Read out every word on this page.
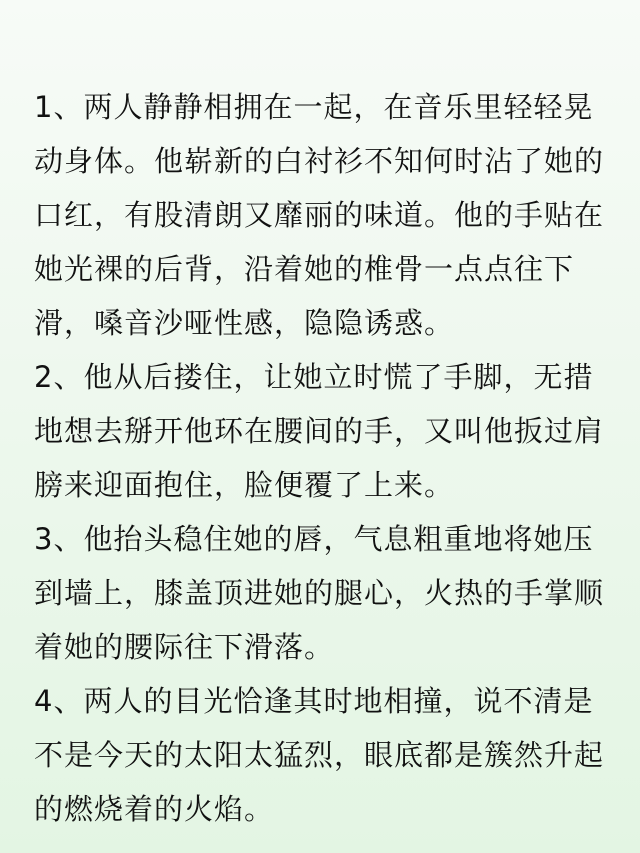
1、两人静静相拥在一起，在音乐里轻轻晃
动身体。他崭新的白衬衫不知何时沾了她的
口红，有股清朗又靡丽的味道。他的手贴在
她光裸的后背，沿着她的椎骨一点点往下
滑，嗓音沙哑性感，隐隐诱惑。
2、他从后搂住，让她立时慌了手脚，无措
地想去掰开他环在腰间的手，又叫他扳过肩
膀来迎面抱住，脸便覆了上来。
3、他抬头稳住她的唇，气息粗重地将她压
到墙上，膝盖顶进她的腿心，火热的手掌顺
着她的腰际往下滑落。
4、两人的目光恰逢其时地相撞，说不清是
不是今天的太阳太猛烈，眼底都是簇然升起
的燃烧着的火焰。
